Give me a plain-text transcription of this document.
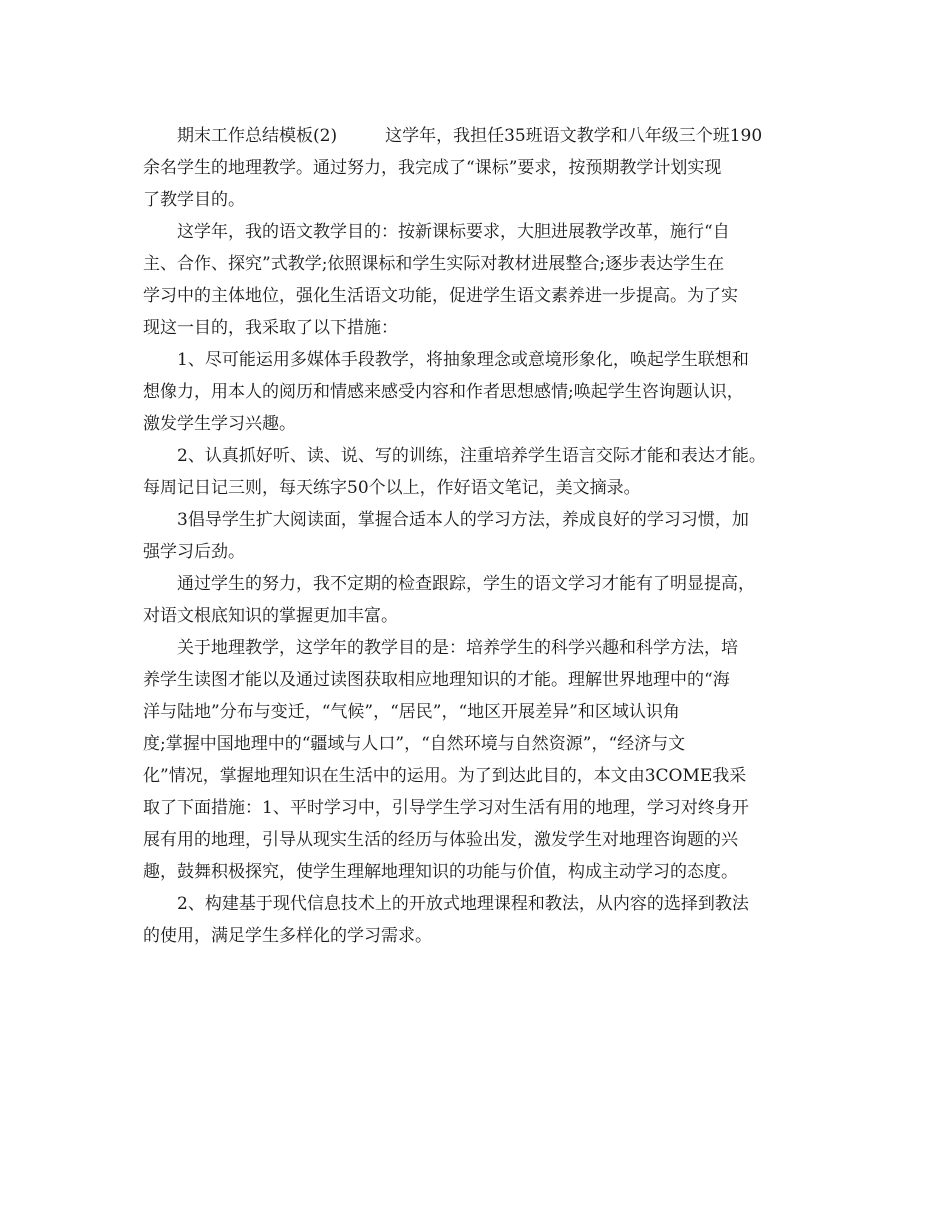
期末工作总结模板(2)	这学年，我担任35班语文教学和八年级三个班190
余名学生的地理教学。通过努力，我完成了“课标”要求，按预期教学计划实现
了教学目的。
这学年，我的语文教学目的：按新课标要求，大胆进展教学改革，施行“自
主、合作、探究”式教学;依照课标和学生实际对教材进展整合;逐步表达学生在
学习中的主体地位，强化生活语文功能，促进学生语文素养进一步提高。为了实
现这一目的，我采取了以下措施：
1、尽可能运用多媒体手段教学，将抽象理念或意境形象化，唤起学生联想和
想像力，用本人的阅历和情感来感受内容和作者思想感情;唤起学生咨询题认识，
激发学生学习兴趣。
2、认真抓好听、读、说、写的训练，注重培养学生语言交际才能和表达才能。
每周记日记三则，每天练字50个以上，作好语文笔记，美文摘录。
3倡导学生扩大阅读面，掌握合适本人的学习方法，养成良好的学习习惯，加
强学习后劲。
通过学生的努力，我不定期的检查跟踪，学生的语文学习才能有了明显提高，
对语文根底知识的掌握更加丰富。
关于地理教学，这学年的教学目的是：培养学生的科学兴趣和科学方法，培
养学生读图才能以及通过读图获取相应地理知识的才能。理解世界地理中的“海
洋与陆地”分布与变迁，“气候”，“居民”，“地区开展差异”和区域认识角
度;掌握中国地理中的“疆域与人口”，“自然环境与自然资源”，“经济与文
化”情况，掌握地理知识在生活中的运用。为了到达此目的，本文由3COME我采
取了下面措施：1、平时学习中，引导学生学习对生活有用的地理，学习对终身开
展有用的地理，引导从现实生活的经历与体验出发，激发学生对地理咨询题的兴
趣，鼓舞积极探究，使学生理解地理知识的功能与价值，构成主动学习的态度。
2、构建基于现代信息技术上的开放式地理课程和教法，从内容的选择到教法
的使用，满足学生多样化的学习需求。
